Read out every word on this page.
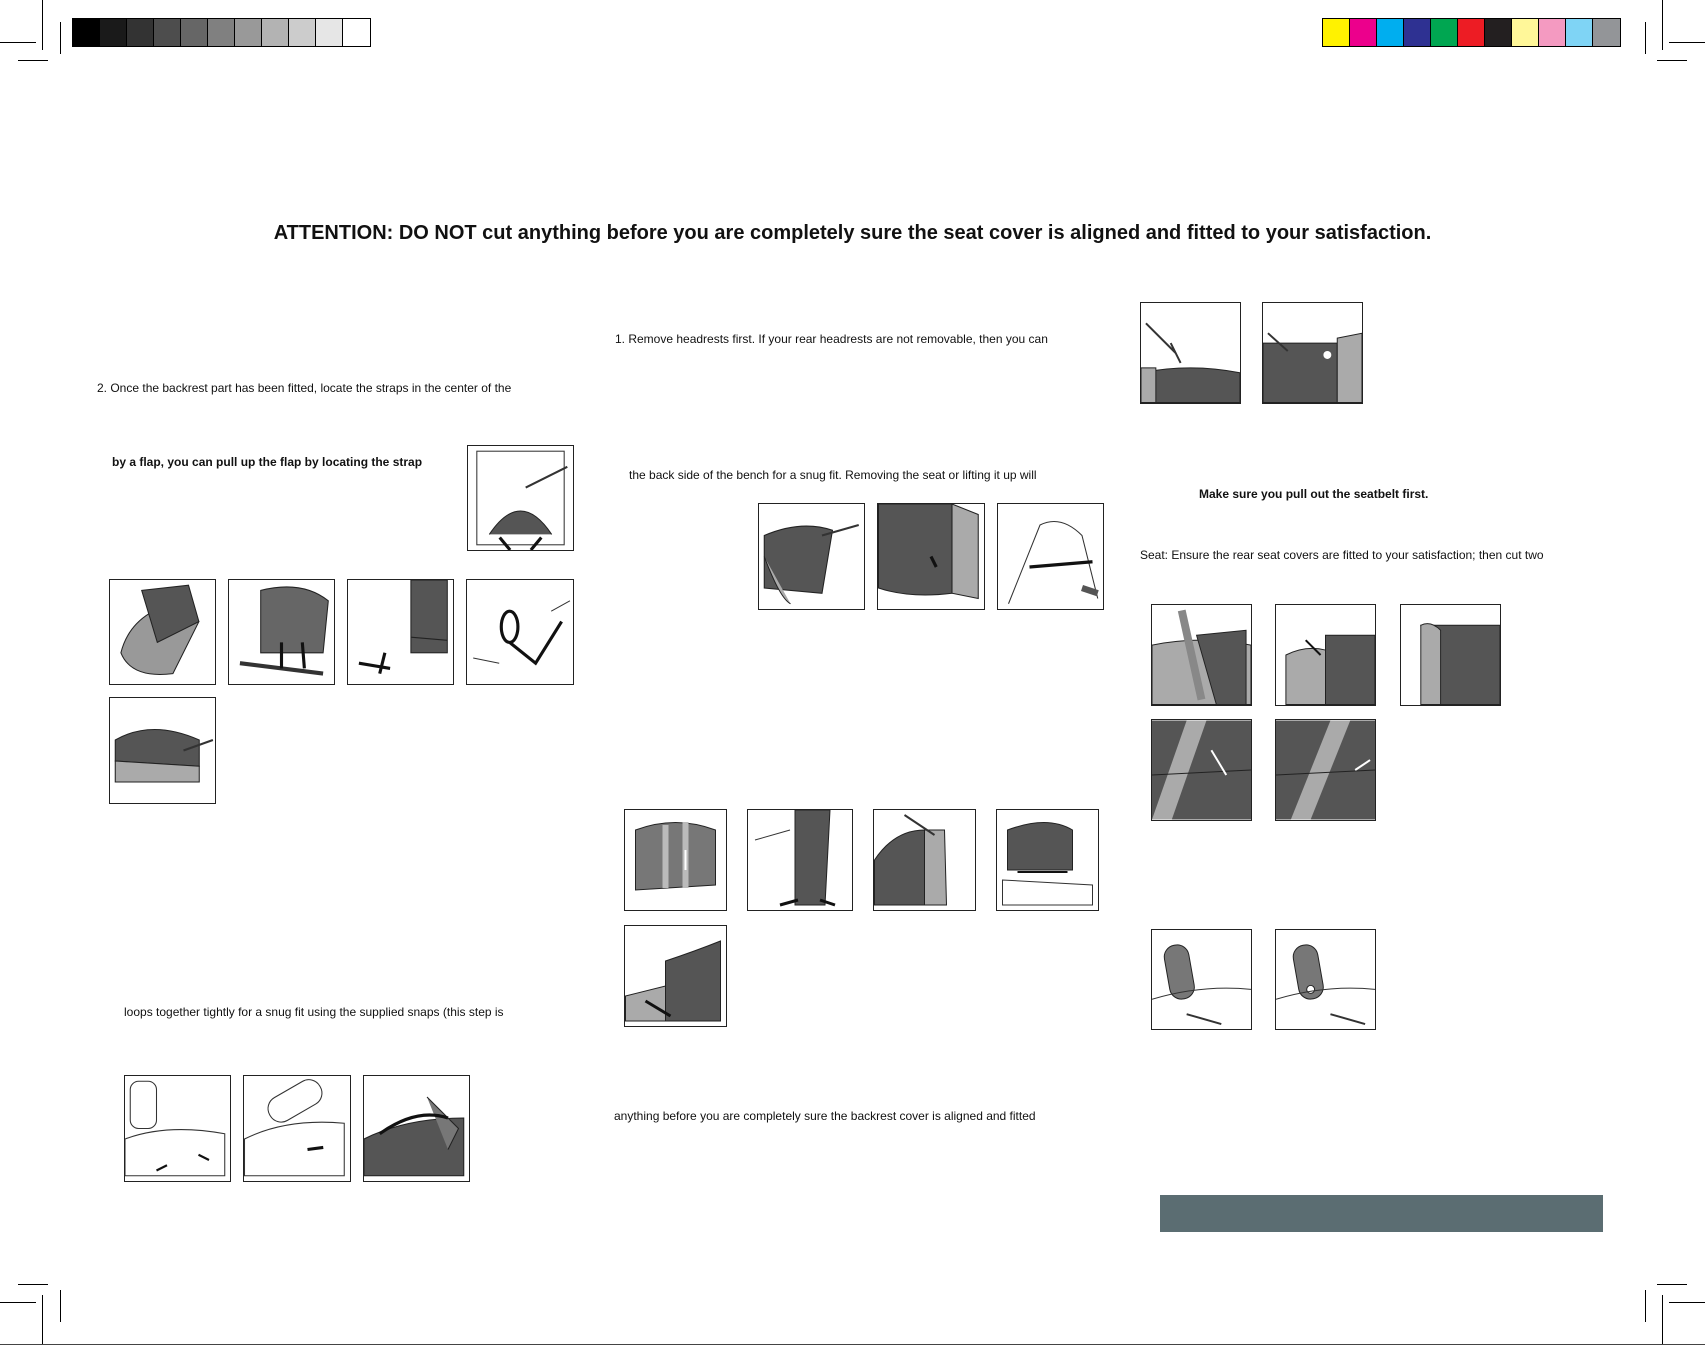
ATTENTION: DO NOT cut anything before you are completely sure the seat cover is aligned and fitted to your satisfaction.
2. Once the backrest part has been fitted, locate the straps in the center of the
by a flap, you can pull up the flap by locating the strap
loops together tightly for a snug fit using the supplied snaps (this step is
1. Remove headrests first. If your rear headrests are not removable, then you can
the back side of the bench for a snug fit. Removing the seat or lifting it up will
anything before you are completely sure the backrest cover is aligned and fitted
Make sure you pull out the seatbelt first.
Seat: Ensure the rear seat covers are fitted to your satisfaction; then cut two
